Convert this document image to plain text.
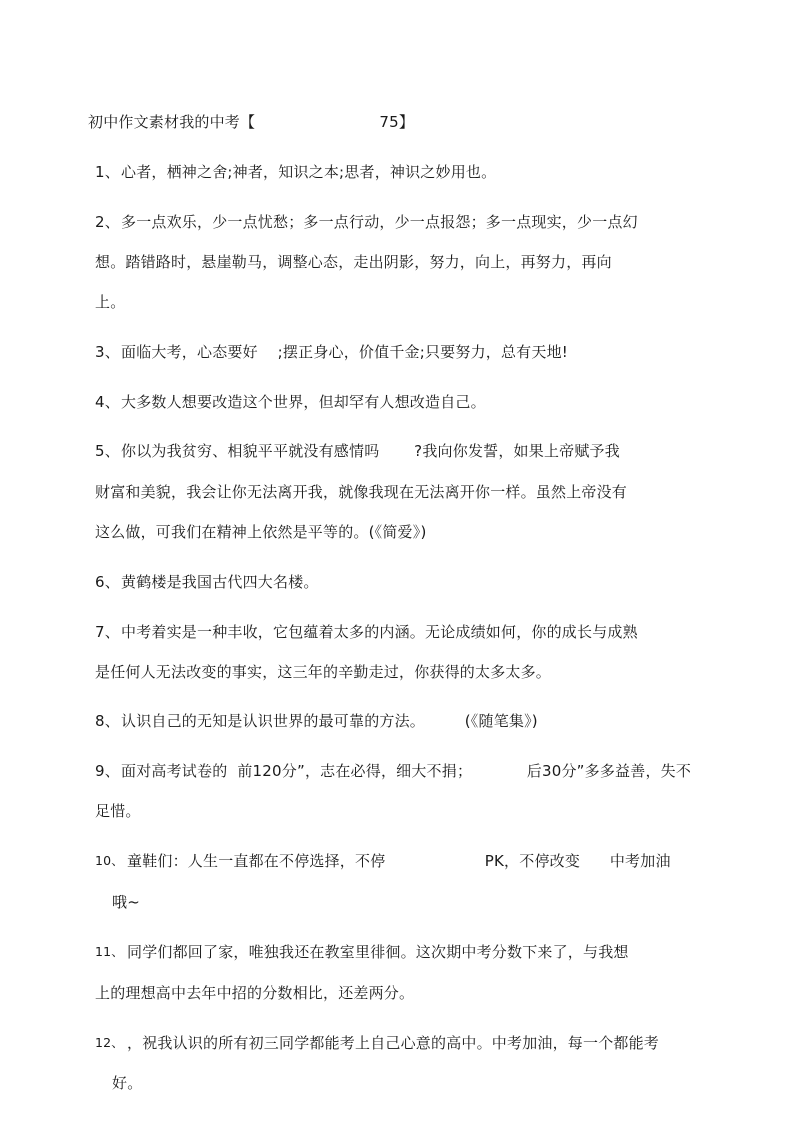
初中作文素材我的中考【                         75】
1、 心者，栖神之舍;神者，知识之本;思者，神识之妙用也。
2、 多一点欢乐，少一点忧愁；多一点行动，少一点报怨；多一点现实，少一点幻
想。踏错路时，悬崖勒马，调整心态，走出阴影，努力，向上，再努力，再向
上。
3、 面临大考，心态要好    ;摆正身心，价值千金;只要努力，总有天地!
4、 大多数人想要改造这个世界，但却罕有人想改造自己。
5、 你以为我贫穷、相貌平平就没有感情吗       ?我向你发誓，如果上帝赋予我
财富和美貌，我会让你无法离开我，就像我现在无法离开你一样。虽然上帝没有
这么做，可我们在精神上依然是平等的。(《简爱》)
6、 黄鹤楼是我国古代四大名楼。
7、 中考着实是一种丰收，它包蕴着太多的内涵。无论成绩如何，你的成长与成熟
是任何人无法改变的事实，这三年的辛勤走过，你获得的太多太多。
8、 认识自己的无知是认识世界的最可靠的方法。        (《随笔集》)
9、 面对高考试卷的  前120分”，志在必得，细大不捐；           后30分”多多益善，失不
足惜。
10、 童鞋们：人生一直都在不停选择，不停                    PK，不停改变      中考加油
哦~
11、 同学们都回了家，唯独我还在教室里徘徊。这次期中考分数下来了，与我想
上的理想高中去年中招的分数相比，还差两分。
12、 ，祝我认识的所有初三同学都能考上自己心意的高中。中考加油，每一个都能考
好。
